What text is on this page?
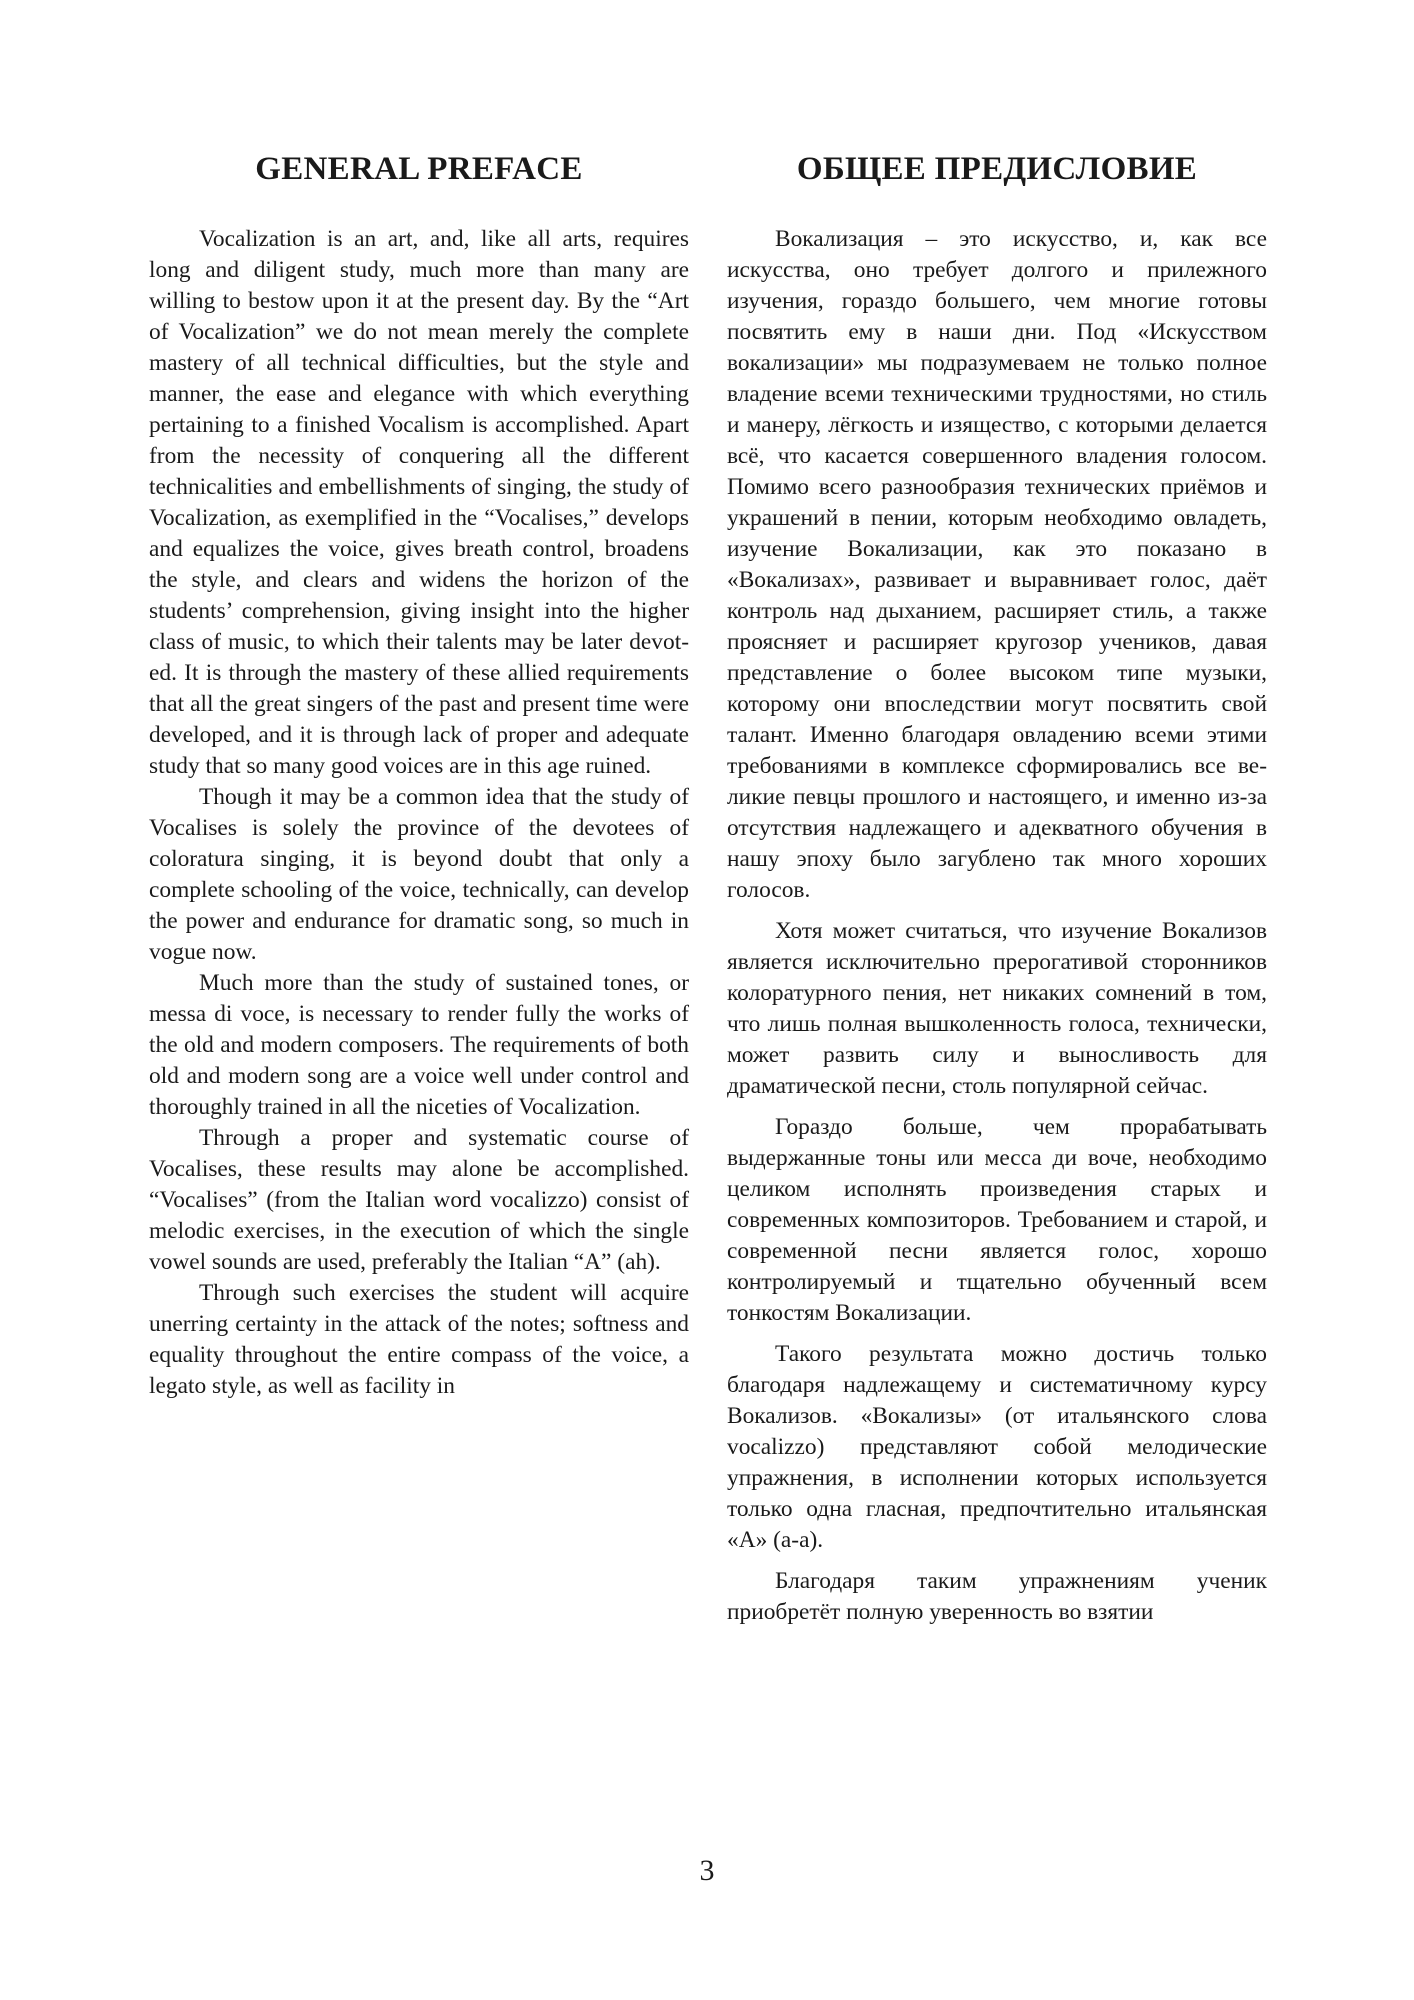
GENERAL PREFACE

Vocalization is an art, and, like all arts, requires long and diligent study, much more than many are willing to bestow upon it at the present day. By the “Art of Vocalization” we do not mean merely the complete mastery of all technical difficulties, but the style and manner, the ease and elegance with which everything pertaining to a finished Vocalism is accomplished. Apart from the necessity of conquering all the different technicalities and embellishments of singing, the study of Vocalization, as exemplified in the “Vocalises,” develops and equalizes the voice, gives breath control, broadens the style, and clears and widens the horizon of the students’ comprehension, giving insight into the higher class of music, to which their talents may be later devoted. It is through the mastery of these allied requirements that all the great singers of the past and present time were developed, and it is through lack of proper and adequate study that so many good voices are in this age ruined.

Though it may be a common idea that the study of Vocalises is solely the province of the devotees of coloratura singing, it is beyond doubt that only a complete schooling of the voice, technically, can develop the power and endurance for dramatic song, so much in vogue now.

Much more than the study of sustained tones, or messa di voce, is necessary to render fully the works of the old and modern composers. The requirements of both old and modern song are a voice well under control and thoroughly trained in all the niceties of Vocalization.

Through a proper and systematic course of Vocalises, these results may alone be accomplished. “Vocalises” (from the Italian word vocalizzo) consist of melodic exercises, in the execution of which the single vowel sounds are used, preferably the Italian “A” (ah).

Through such exercises the student will acquire unerring certainty in the attack of the notes; softness and equality throughout the entire compass of the voice, a legato style, as well as facility in

ОБЩЕЕ ПРЕДИСЛОВИЕ

Вокализация – это искусство, и, как все искусства, оно требует долгого и прилежного изучения, гораздо большего, чем многие готовы посвятить ему в наши дни. Под «Искусством вокализации» мы подразумеваем не только полное владение всеми техническими трудностями, но стиль и манеру, лёгкость и изящество, с которыми делается всё, что касается совершенного владения голосом. Помимо всего разнообразия технических приёмов и украшений в пении, которым необходимо овладеть, изучение Вокализации, как это показано в «Вокализах», развивает и выравнивает голос, даёт контроль над дыханием, расширяет стиль, а также проясняет и расширяет кругозор учеников, давая представление о более высоком типе музыки, которому они впоследствии могут посвятить свой талант. Именно благодаря овладению всеми этими требованиями в комплексе сформировались все великие певцы прошлого и настоящего, и именно из-за отсутствия надлежащего и адекватного обучения в нашу эпоху было загублено так много хороших голосов.

Хотя может считаться, что изучение Вокализов является исключительно прерогативой сторонников колоратурного пения, нет никаких сомнений в том, что лишь полная вышколенность голоса, технически, может развить силу и выносливость для драматической песни, столь популярной сейчас.

Гораздо больше, чем прорабатывать выдержанные тоны или месса ди воче, необходимо целиком исполнять произведения старых и современных композиторов. Требованием и старой, и современной песни является голос, хорошо контролируемый и тщательно обученный всем тонкостям Вокализации.

Такого результата можно достичь только благодаря надлежащему и систематичному курсу Вокализов. «Вокализы» (от итальянского слова vocalizzo) представляют собой мелодические упражнения, в исполнении которых используется только одна гласная, предпочтительно итальянская «А» (а-а).

Благодаря таким упражнениям ученик приобретёт полную уверенность во взятии

3
